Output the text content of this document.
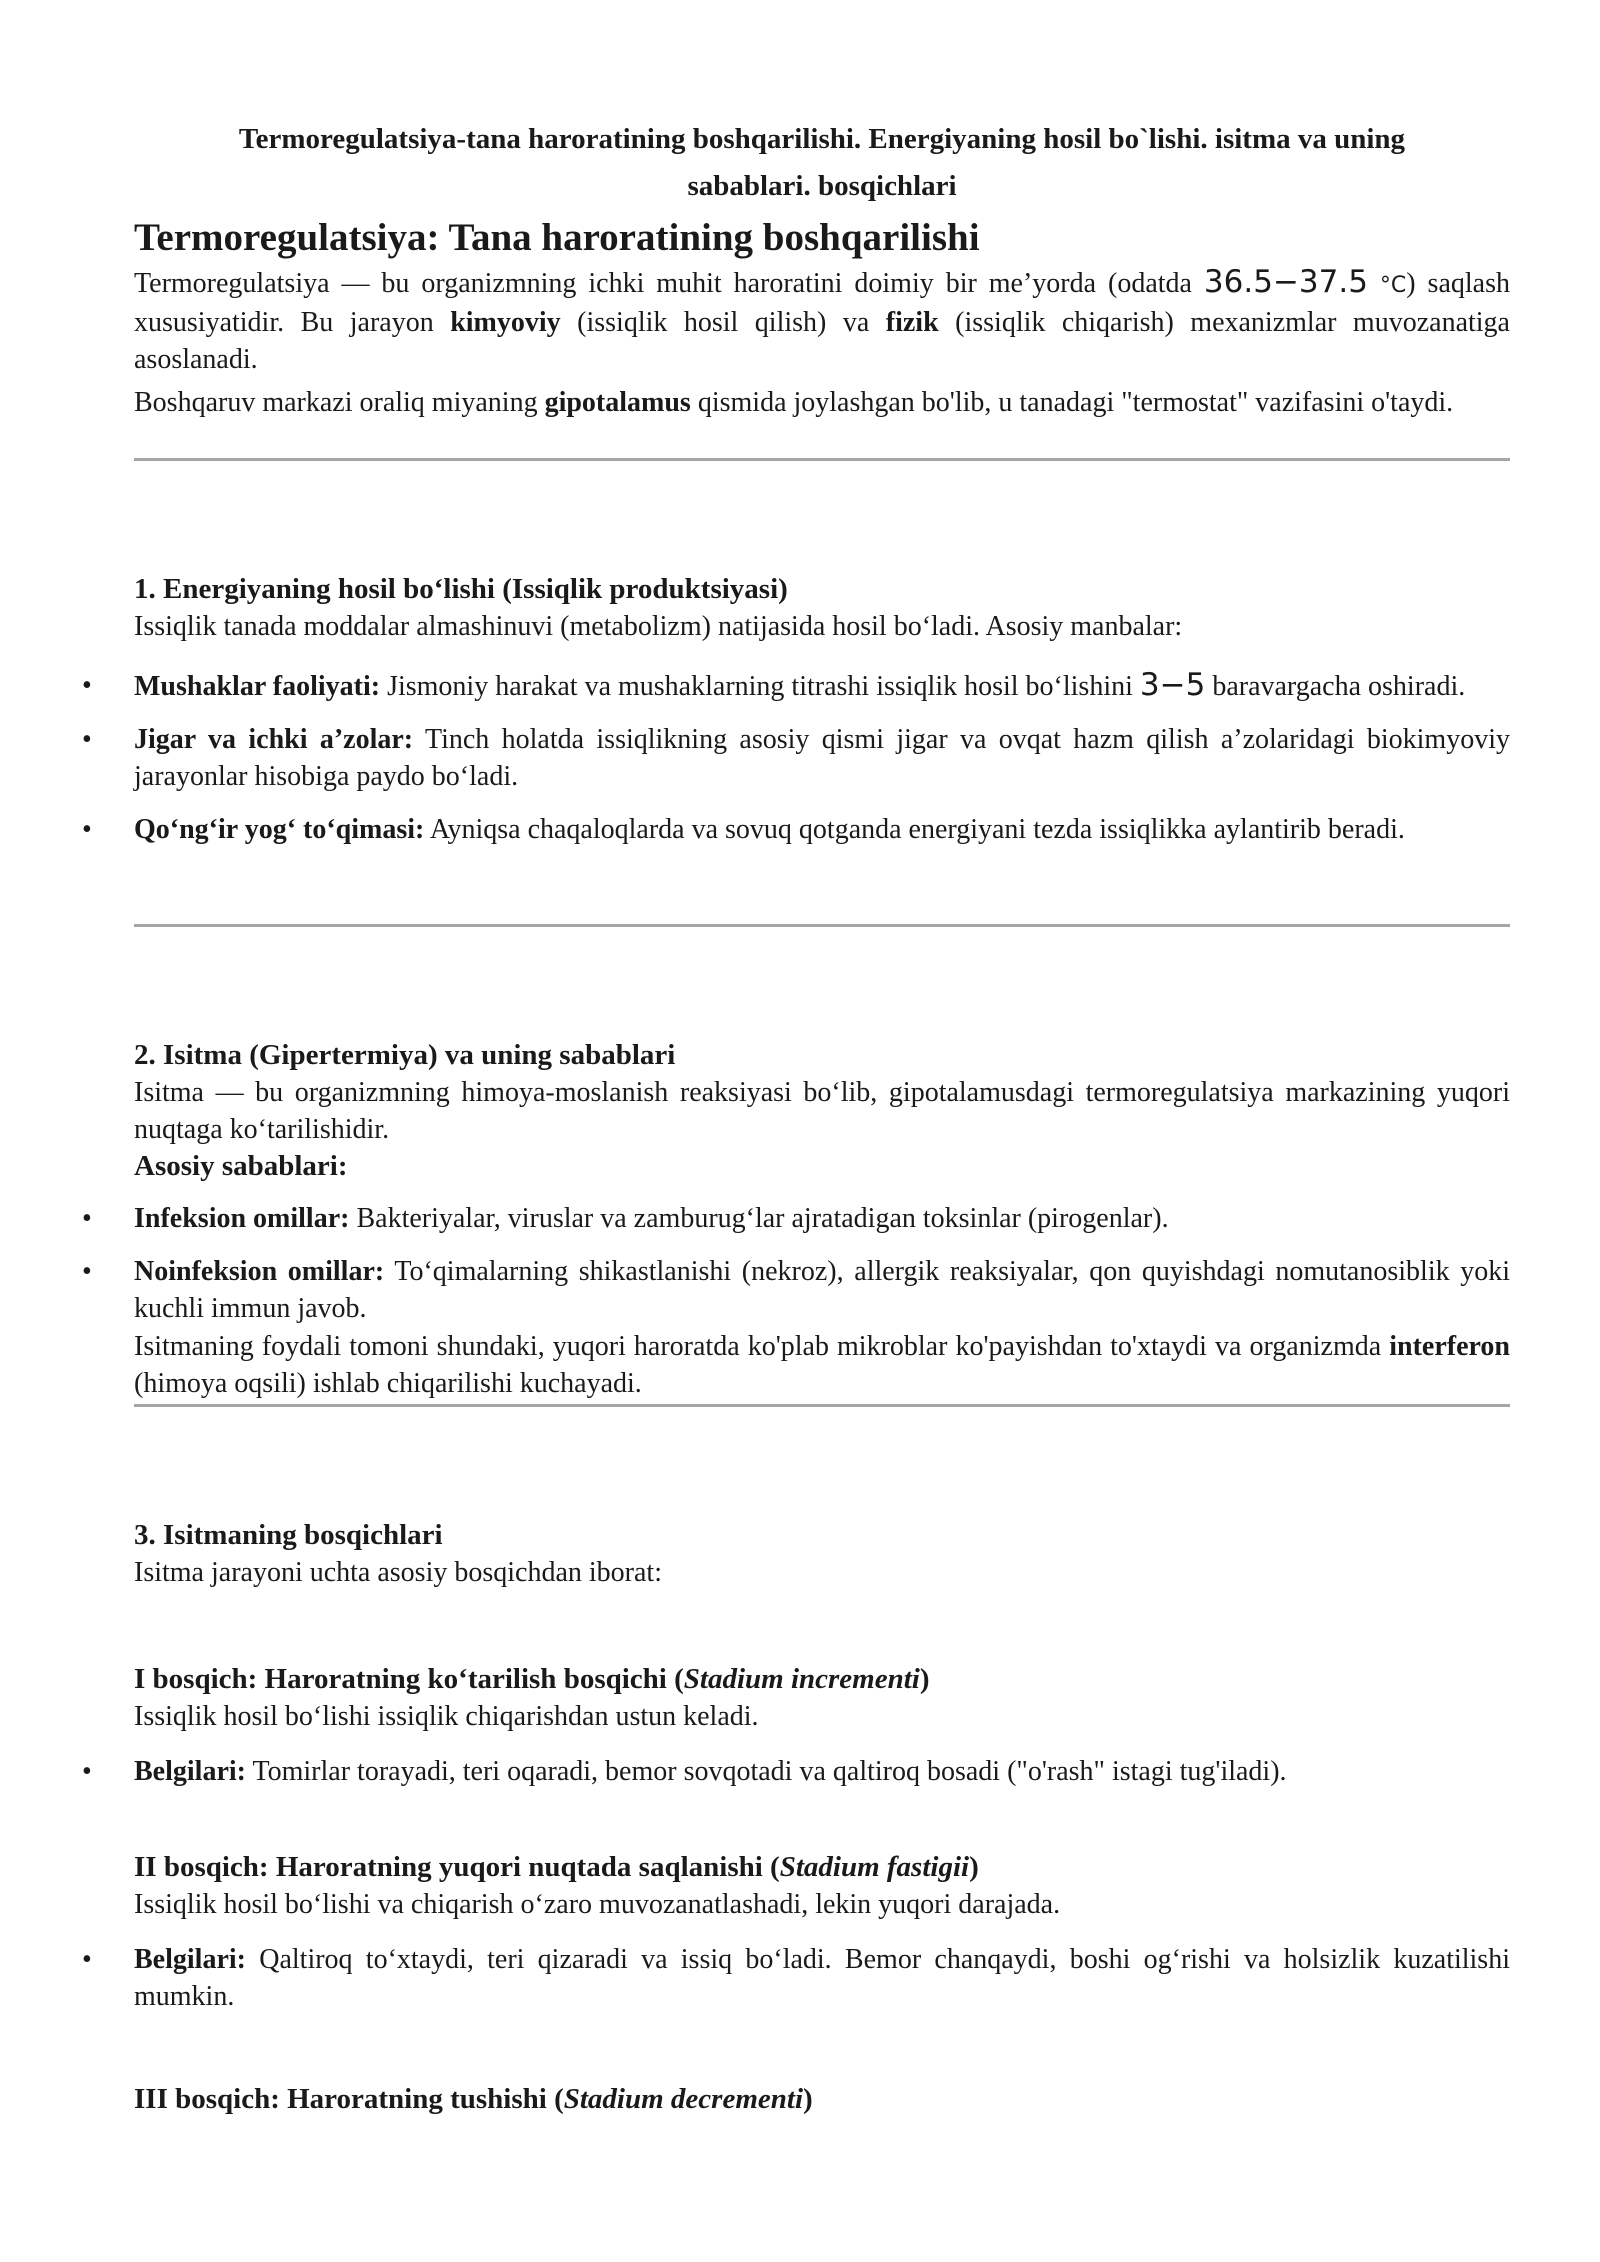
Termoregulatsiya-tana haroratining boshqarilishi. Energiyaning hosil bo`lishi. isitma va uning
sabablari. bosqichlari
Termoregulatsiya: Tana haroratining boshqarilishi
Termoregulatsiya — bu organizmning ichki muhit haroratini doimiy bir me’yorda (odatda 36.5−37.5 °C) saqlash xususiyatidir. Bu jarayon kimyoviy (issiqlik hosil qilish) va fizik (issiqlik chiqarish) mexanizmlar muvozanatiga asoslanadi.
Boshqaruv markazi oraliq miyaning gipotalamus qismida joylashgan bo'lib, u tanadagi "termostat" vazifasini o'taydi.
1. Energiyaning hosil bo‘lishi (Issiqlik produktsiyasi)
Issiqlik tanada moddalar almashinuvi (metabolizm) natijasida hosil bo‘ladi. Asosiy manbalar:
• Mushaklar faoliyati: Jismoniy harakat va mushaklarning titrashi issiqlik hosil bo‘lishini 3−5 baravargacha oshiradi.
• Jigar va ichki a’zolar: Tinch holatda issiqlikning asosiy qismi jigar va ovqat hazm qilish a’zolaridagi biokimyoviy jarayonlar hisobiga paydo bo‘ladi.
• Qo‘ng‘ir yog‘ to‘qimasi: Ayniqsa chaqaloqlarda va sovuq qotganda energiyani tezda issiqlikka aylantirib beradi.
2. Isitma (Gipertermiya) va uning sabablari
Isitma — bu organizmning himoya-moslanish reaksiyasi bo‘lib, gipotalamusdagi termoregulatsiya markazining yuqori nuqtaga ko‘tarilishidir.
Asosiy sabablari:
• Infeksion omillar: Bakteriyalar, viruslar va zamburug‘lar ajratadigan toksinlar (pirogenlar).
• Noinfeksion omillar: To‘qimalarning shikastlanishi (nekroz), allergik reaksiyalar, qon quyishdagi nomutanosiblik yoki kuchli immun javob.
Isitmaning foydali tomoni shundaki, yuqori haroratda ko'plab mikroblar ko'payishdan to'xtaydi va organizmda interferon (himoya oqsili) ishlab chiqarilishi kuchayadi.
3. Isitmaning bosqichlari
Isitma jarayoni uchta asosiy bosqichdan iborat:
I bosqich: Haroratning ko‘tarilish bosqichi (Stadium incrementi)
Issiqlik hosil bo‘lishi issiqlik chiqarishdan ustun keladi.
• Belgilari: Tomirlar torayadi, teri oqaradi, bemor sovqotadi va qaltiroq bosadi ("o'rash" istagi tug'iladi).
II bosqich: Haroratning yuqori nuqtada saqlanishi (Stadium fastigii)
Issiqlik hosil bo‘lishi va chiqarish o‘zaro muvozanatlashadi, lekin yuqori darajada.
• Belgilari: Qaltiroq to‘xtaydi, teri qizaradi va issiq bo‘ladi. Bemor chanqaydi, boshi og‘rishi va holsizlik kuzatilishi mumkin.
III bosqich: Haroratning tushishi (Stadium decrementi)
